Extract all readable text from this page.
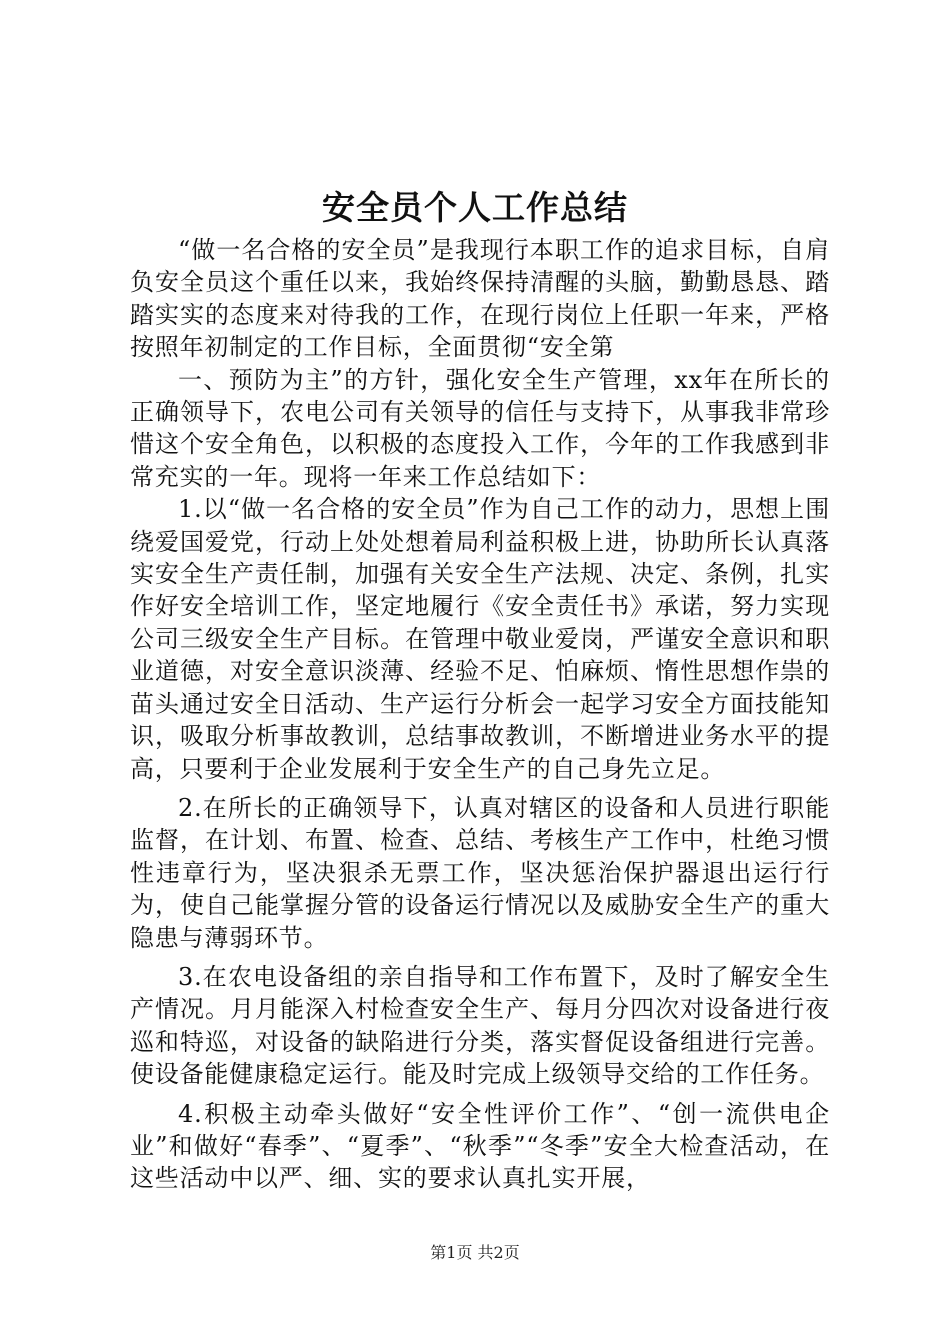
安全员个人工作总结

“做一名合格的安全员”是我现行本职工作的追求目标，自肩负安全员这个重任以来，我始终保持清醒的头脑，勤勤恳恳、踏踏实实的态度来对待我的工作，在现行岗位上任职一年来，严格按照年初制定的工作目标，全面贯彻“安全第

一、预防为主”的方针，强化安全生产管理，xx年在所长的正确领导下，农电公司有关领导的信任与支持下，从事我非常珍惜这个安全角色，以积极的态度投入工作，今年的工作我感到非常充实的一年。现将一年来工作总结如下：

1.以“做一名合格的安全员”作为自己工作的动力，思想上围绕爱国爱党，行动上处处想着局利益积极上进，协助所长认真落实安全生产责任制，加强有关安全生产法规、决定、条例，扎实作好安全培训工作，坚定地履行《安全责任书》承诺，努力实现公司三级安全生产目标。在管理中敬业爱岗，严谨安全意识和职业道德，对安全意识淡薄、经验不足、怕麻烦、惰性思想作祟的苗头通过安全日活动、生产运行分析会一起学习安全方面技能知识，吸取分析事故教训，总结事故教训，不断增进业务水平的提高，只要利于企业发展利于安全生产的自己身先立足。

2.在所长的正确领导下，认真对辖区的设备和人员进行职能监督，在计划、布置、检查、总结、考核生产工作中，杜绝习惯性违章行为，坚决狠杀无票工作，坚决惩治保护器退出运行行为，使自己能掌握分管的设备运行情况以及威胁安全生产的重大隐患与薄弱环节。

3.在农电设备组的亲自指导和工作布置下，及时了解安全生产情况。月月能深入村检查安全生产、每月分四次对设备进行夜巡和特巡，对设备的缺陷进行分类，落实督促设备组进行完善。使设备能健康稳定运行。能及时完成上级领导交给的工作任务。

4.积极主动牵头做好“安全性评价工作”、“创一流供电企业”和做好“春季”、“夏季”、“秋季”“冬季”安全大检查活动，在这些活动中以严、细、实的要求认真扎实开展，

第1页 共2页
